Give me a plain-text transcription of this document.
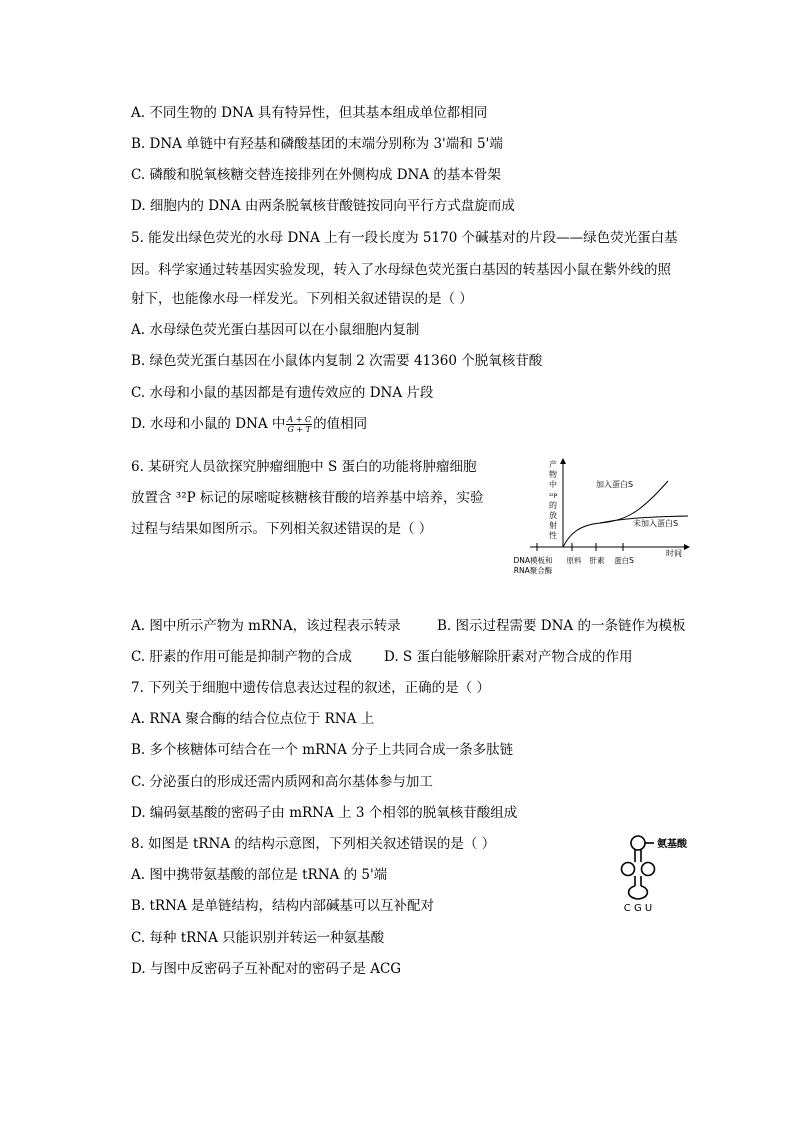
A. 不同生物的 DNA 具有特异性，但其基本组成单位都相同
B. DNA 单链中有羟基和磷酸基团的末端分别称为 3'端和 5'端
C. 磷酸和脱氧核糖交替连接排列在外侧构成 DNA 的基本骨架
D. 细胞内的 DNA 由两条脱氧核苷酸链按同向平行方式盘旋而成
5. 能发出绿色荧光的水母 DNA 上有一段长度为 5170 个碱基对的片段——绿色荧光蛋白基
因。科学家通过转基因实验发现，转入了水母绿色荧光蛋白基因的转基因小鼠在紫外线的照
射下，也能像水母一样发光。下列相关叙述错误的是（ ）
A. 水母绿色荧光蛋白基因可以在小鼠细胞内复制
B. 绿色荧光蛋白基因在小鼠体内复制 2 次需要 41360 个脱氧核苷酸
C. 水母和小鼠的基因都是有遗传效应的 DNA 片段
D. 水母和小鼠的 DNA 中 $\frac{A + C}{G + T}$ 的值相同
6. 某研究人员欲探究肿瘤细胞中 S 蛋白的功能将肿瘤细胞
放置含 ³²P 标记的尿嘧啶核糖核苷酸的培养基中培养，实验
过程与结果如图所示。下列相关叙述错误的是（ ）
产
物
中
³²P
的
放
射
性
时间
加入蛋白S
未加入蛋白S
DNA模板和
RNA聚合酶
原料 肝素 蛋白S
A. 图中所示产物为 mRNA，该过程表示转录	B. 图示过程需要 DNA 的一条链作为模板
C. 肝素的作用可能是抑制产物的合成 D. S 蛋白能够解除肝素对产物合成的作用
7. 下列关于细胞中遗传信息表达过程的叙述，正确的是（ ）
A. RNA 聚合酶的结合位点位于 RNA 上
B. 多个核糖体可结合在一个 mRNA 分子上共同合成一条多肽链
C. 分泌蛋白的形成还需内质网和高尔基体参与加工
D. 编码氨基酸的密码子由 mRNA 上 3 个相邻的脱氧核苷酸组成
8. 如图是 tRNA 的结构示意图，下列相关叙述错误的是（ ）
A. 图中携带氨基酸的部位是 tRNA 的 5'端
B. tRNA 是单链结构，结构内部碱基可以互补配对
C. 每种 tRNA 只能识别并转运一种氨基酸
D. 与图中反密码子互补配对的密码子是 ACG
氨基酸
C G U
